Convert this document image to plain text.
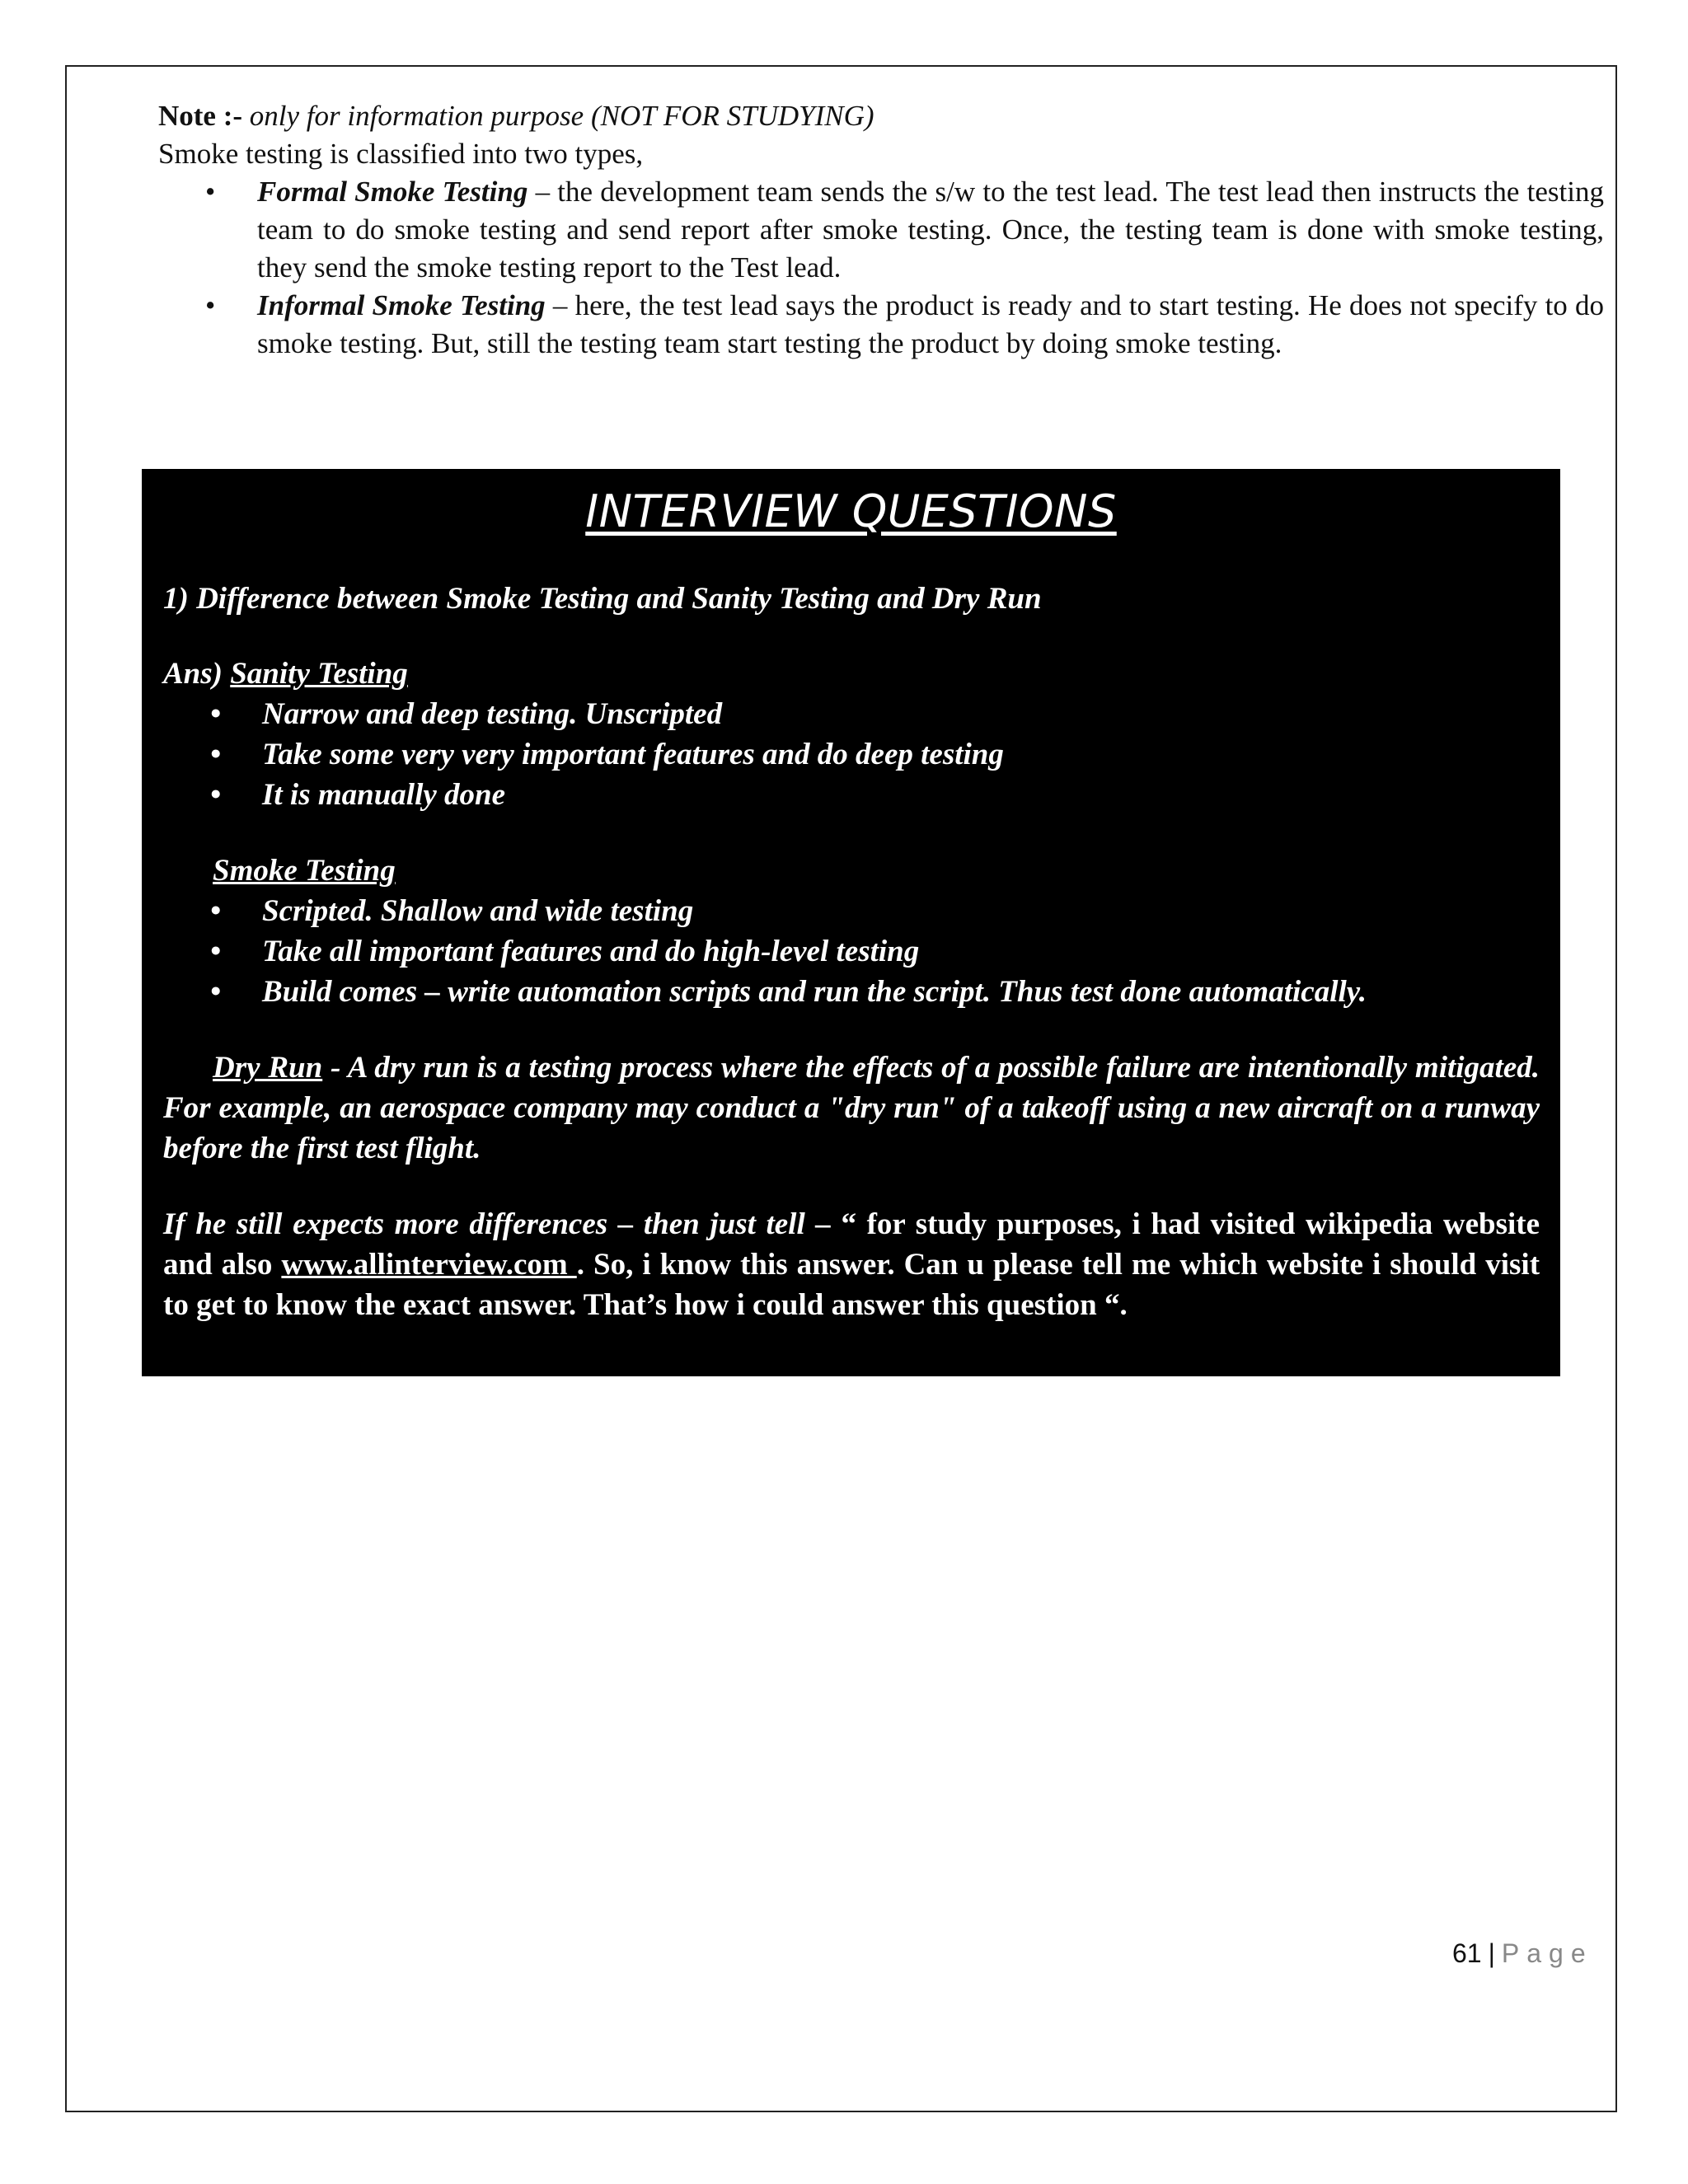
Note :- only for information purpose (NOT FOR STUDYING)

Smoke testing is classified into two types,

• Formal Smoke Testing – the development team sends the s/w to the test lead. The test lead then instructs the testing team to do smoke testing and send report after smoke testing. Once, the testing team is done with smoke testing, they send the smoke testing report to the Test lead.
• Informal Smoke Testing – here, the test lead says the product is ready and to start testing. He does not specify to do smoke testing. But, still the testing team start testing the product by doing smoke testing.
INTERVIEW QUESTIONS

1) Difference between Smoke Testing and Sanity Testing and Dry Run

Ans) Sanity Testing

• Narrow and deep testing. Unscripted
• Take some very very important features and do deep testing
• It is manually done

Smoke Testing

• Scripted. Shallow and wide testing
• Take all important features and do high-level testing
• Build comes – write automation scripts and run the script. Thus test done automatically.

Dry Run - A dry run is a testing process where the effects of a possible failure are intentionally mitigated. For example, an aerospace company may conduct a "dry run" of a takeoff using a new aircraft on a runway before the first test flight.

If he still expects more differences – then just tell – “ for study purposes, i had visited wikipedia website and also www.allinterview.com . So, i know this answer. Can u please tell me which website i should visit to get to know the exact answer. That’s how i could answer this question “.

61 | Page
